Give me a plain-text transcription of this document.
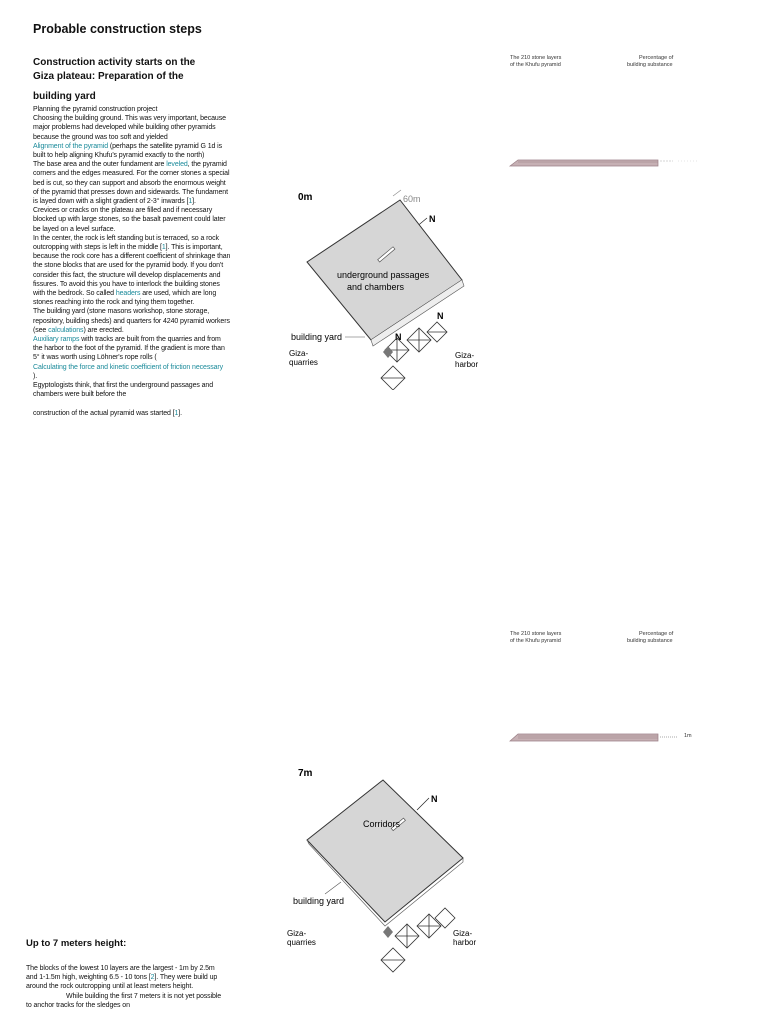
Probable construction steps
Construction activity starts on the
Giza plateau: Preparation of the
building yard

Planning the pyramid construction project

Choosing the building ground. This was very important, because major problems had developed while building other pyramids because the ground was too soft and yielded

Alignment of the pyramid (perhaps the satellite pyramid G 1d is built to help aligning Khufu's pyramid exactly to the north)

The base area and the outer fundament are leveled, the pyramid corners and the edges measured. For the corner stones a special bed is cut, so they can support and absorb the enormous weight of the pyramid that presses down and sidewards. The fundament is layed down with a slight gradient of 2-3° inwards [1].

Crevices or cracks on the plateau are filled and if necessary blocked up with large stones, so the basalt pavement could later be layed on a level surface.

In the center, the rock is left standing but is terraced, so a rock outcropping with steps is left in the middle [1]. This is important, because the rock core has a different coefficient of shrinkage than the stone blocks that are used for the pyramid body. If you don't consider this fact, the structure will develop displacements and fissures. To avoid this you have to interlock the building stones with the bedrock. So called headers are used, which are long stones reaching into the rock and tying them together.

The building yard (stone masons workshop, stone storage, repository, building sheds) and quarters for 4240 pyramid workers (see calculations) are erected.

Auxiliary ramps with tracks are built from the quarries and from the harbor to the foot of the pyramid. If the gradient is more than 5° it was worth using Löhner's rope rolls (

Calculating the force and kinetic coefficient of friction necessary

).

Egyptologists think, that first the underground passages and chambers were built before the

construction of the actual pyramid was started [1].

The 210 stone layers
of the Khufu pyramid
Percentage of
building substance
The 210 stone layers
of the Khufu pyramid
Percentage of
building substance
1m
0m	60m
N
underground passages
and chambers
building yard	N
N
Giza-
quarries
Giza-
harbor
7m
N
Corridors
building yard
Giza-
quarries
Giza-
harbor
Up to 7 meters height:

The blocks of the lowest 10 layers are the largest - 1m by 2.5m and 1-1.5m high, weighting 6.5 - 10 tons [2]. They were build up around the rock outcropping until at least meters height.

While building the first 7 meters it is not yet possible to anchor tracks for the sledges on
